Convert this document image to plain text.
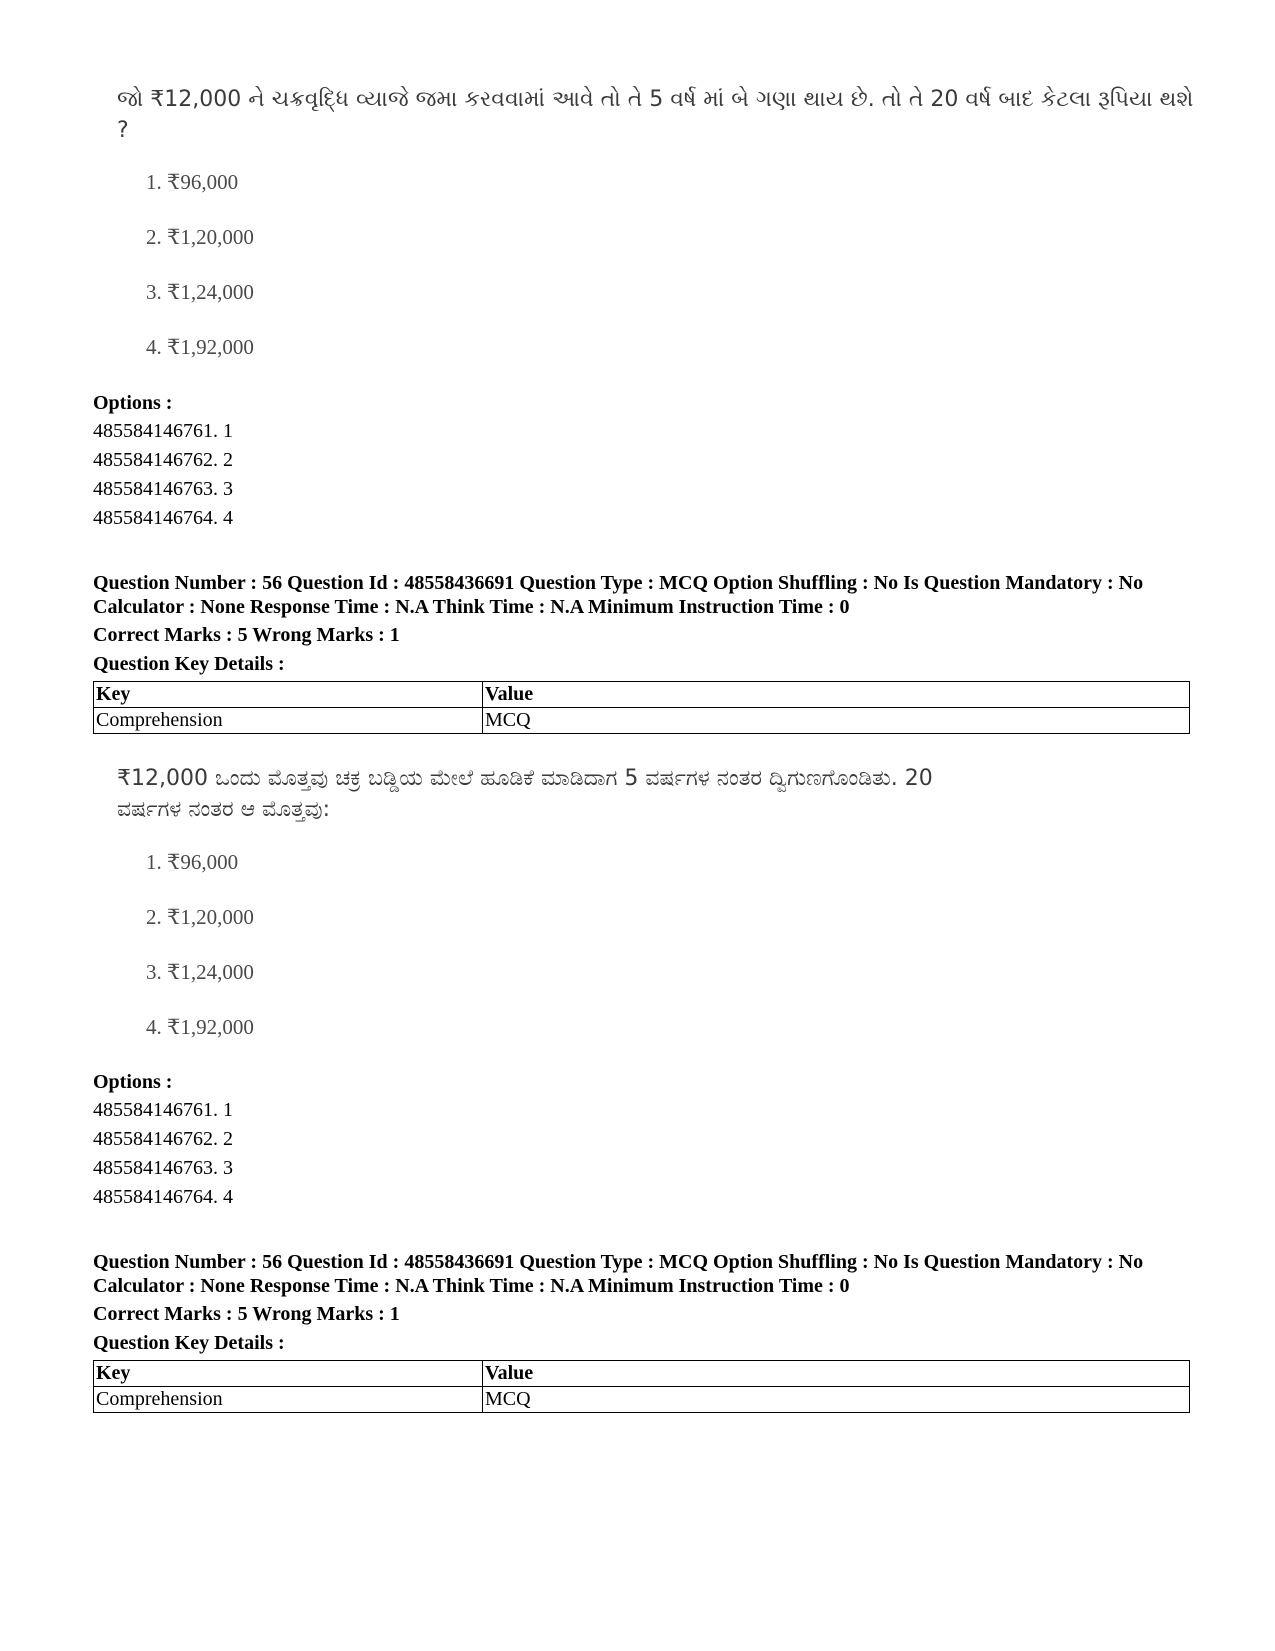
જો ₹12,000 ને ચક્રવૃદ્ધિ વ્યાજે જમા કરવવામાં આવે તો તે 5 વર્ષ માં બે ગણા થાય છે. તો તે 20 વર્ષ બાદ કેટલા રૂપિયા થશે ?
1. ₹96,000
2. ₹1,20,000
3. ₹1,24,000
4. ₹1,92,000
Options :
485584146761. 1
485584146762. 2
485584146763. 3
485584146764. 4
Question Number : 56 Question Id : 48558436691 Question Type : MCQ Option Shuffling : No Is Question Mandatory : No Calculator : None Response Time : N.A Think Time : N.A Minimum Instruction Time : 0
Correct Marks : 5 Wrong Marks : 1
Question Key Details :
Key	Value
Comprehension	MCQ
₹12,000 ಒಂದು ಮೊತ್ತವು ಚಕ್ರ ಬಡ್ಡಿಯ ಮೇಲೆ ಹೂಡಿಕೆ ಮಾಡಿದಾಗ 5 ವರ್ಷಗಳ ನಂತರ ದ್ವಿಗುಣಗೊಂಡಿತು. 20 ವರ್ಷಗಳ ನಂತರ ಆ ಮೊತ್ತವು:
1. ₹96,000
2. ₹1,20,000
3. ₹1,24,000
4. ₹1,92,000
Options :
485584146761. 1
485584146762. 2
485584146763. 3
485584146764. 4
Question Number : 56 Question Id : 48558436691 Question Type : MCQ Option Shuffling : No Is Question Mandatory : No Calculator : None Response Time : N.A Think Time : N.A Minimum Instruction Time : 0
Correct Marks : 5 Wrong Marks : 1
Question Key Details :
Key	Value
Comprehension	MCQ
